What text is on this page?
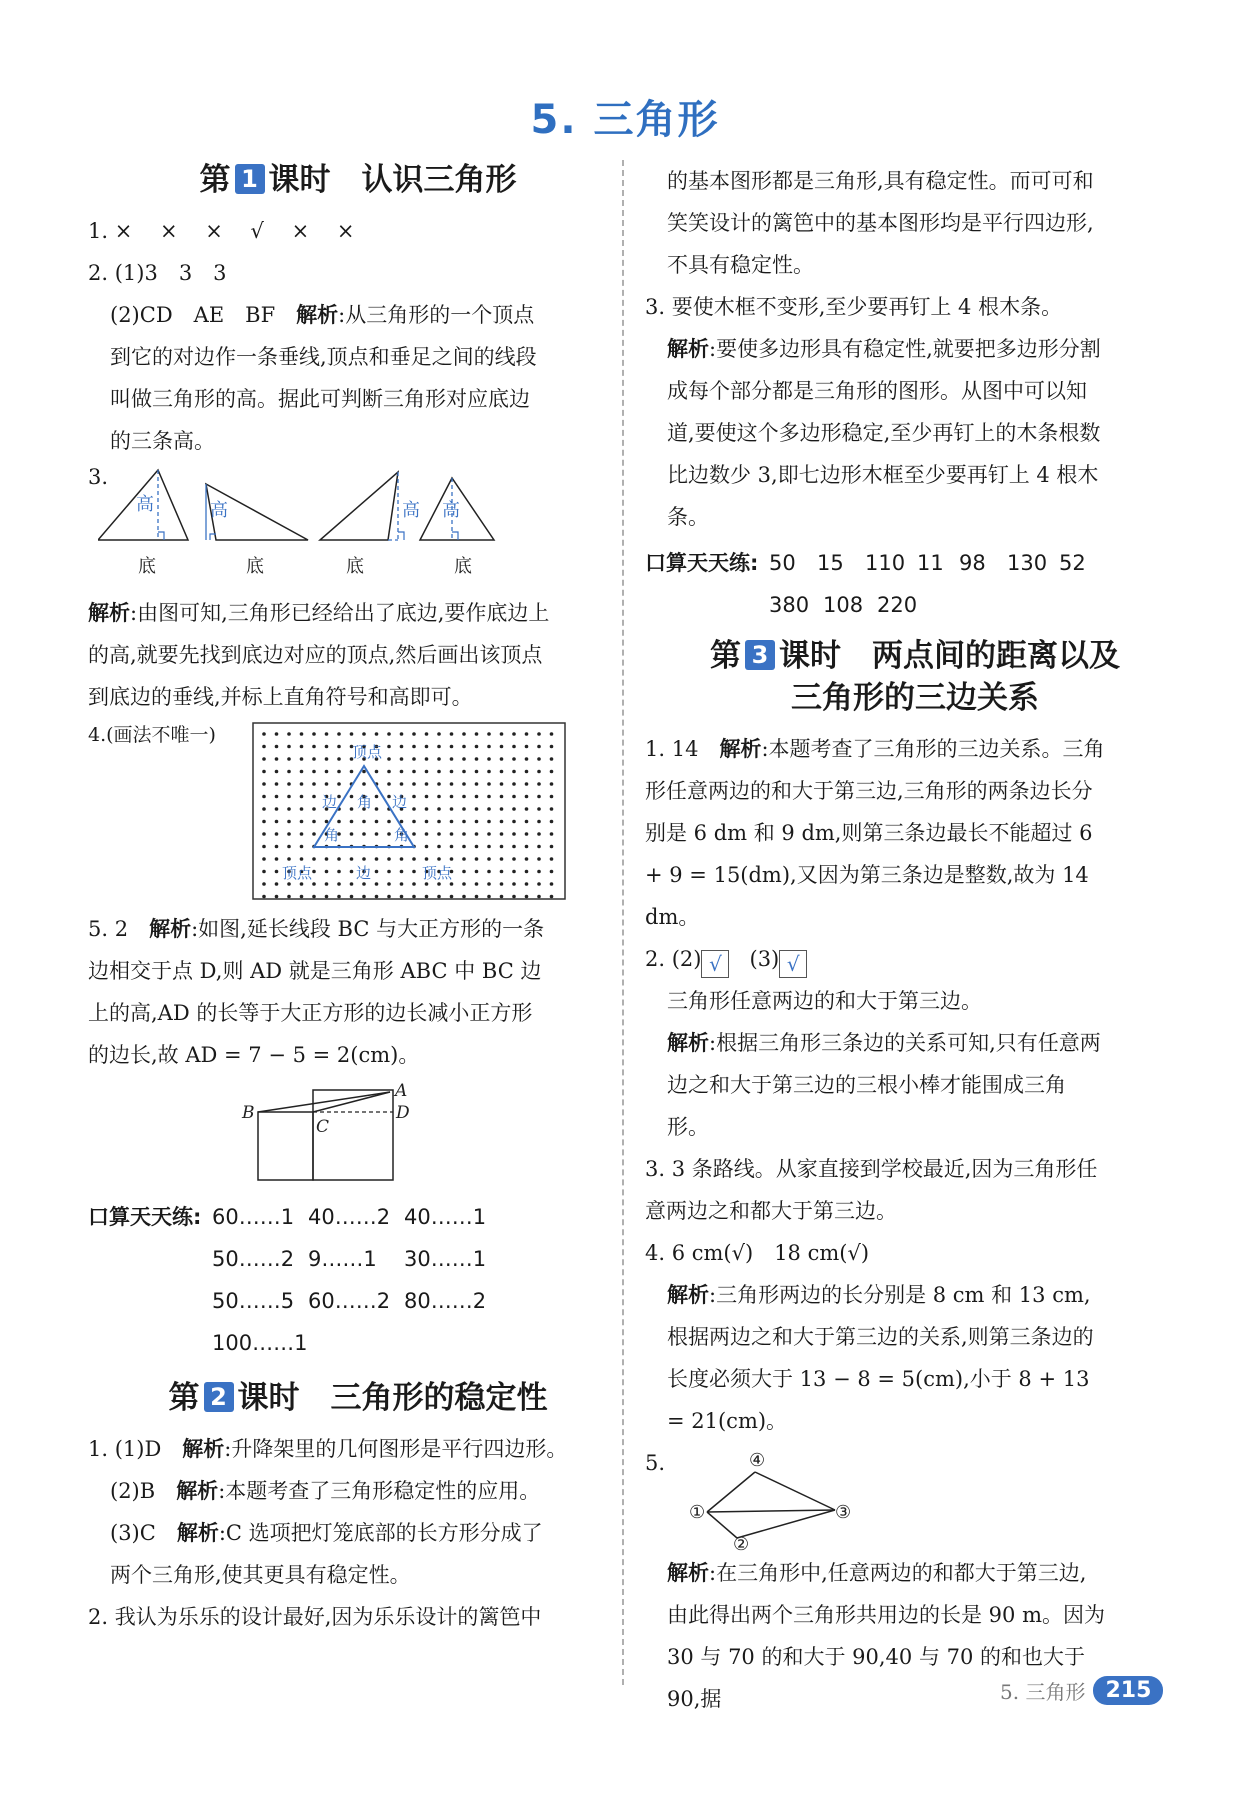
5. 三角形
第 1 课时　认识三角形
1. ×　 ×　 ×　 √　 ×　 ×
2. (1)3　3　3
(2)CD　AE　BF　解析:从三角形的一个顶点到它的对边作一条垂线,顶点和垂足之间的线段叫做三角形的高。据此可判断三角形对应底边的三条高。
3.
高	高	高 高
底	底	底	底
解析:由图可知,三角形已经给出了底边,要作底边上的高,就要先找到底边对应的顶点,然后画出该顶点到底边的垂线,并标上直角符号和高即可。
4.(画法不唯一)
顶点
边	边
角
角	角
顶点	边	顶点
5. 2　解析:如图,延长线段 BC 与大正方形的一条边相交于点 D,则 AD 就是三角形 ABC 中 BC 边上的高,AD 的长等于大正方形的边长减小正方形的边长,故 AD = 7 − 5 = 2(cm)。
A
B
C
D
口算天天练: 60……1 40……2 40……1
50……2 9……1	30……1
50……5 60……2 80……2
100……1
第 2 课时　三角形的稳定性
1. (1)D　解析:升降架里的几何图形是平行四边形。
(2)B　解析:本题考查了三角形稳定性的应用。
(3)C　解析:C 选项把灯笼底部的长方形分成了两个三角形,使其更具有稳定性。
2. 我认为乐乐的设计最好,因为乐乐设计的篱笆中
的基本图形都是三角形,具有稳定性。而可可和笑笑设计的篱笆中的基本图形均是平行四边形,不具有稳定性。
3. 要使木框不变形,至少要再钉上 4 根木条。
解析:要使多边形具有稳定性,就要把多边形分割成每个部分都是三角形的图形。从图中可以知道,要使这个多边形稳定,至少再钉上的木条根数比边数少 3,即七边形木框至少要再钉上 4 根木条。
口算天天练: 50	15	110 11 98	130 52
380 108 220
第 3 课时　两点间的距离以及
三角形的三边关系
1. 14　解析:本题考查了三角形的三边关系。三角形任意两边的和大于第三边,三角形的两条边长分别是 6 dm 和 9 dm,则第三条边最长不能超过 6 + 9 = 15(dm),又因为第三条边是整数,故为 14 dm。
2. (2) √ (3) √
三角形任意两边的和大于第三边。
解析:根据三角形三条边的关系可知,只有任意两边之和大于第三边的三根小棒才能围成三角形。
3. 3 条路线。从家直接到学校最近,因为三角形任意两边之和都大于第三边。
4. 6 cm(√)　18 cm(√)
解析:三角形两边的长分别是 8 cm 和 13 cm,根据两边之和大于第三边的关系,则第三条边的长度必须大于 13 − 8 = 5(cm),小于 8 + 13 = 21(cm)。
5.
①
②
③
④
解析:在三角形中,任意两边的和都大于第三边,由此得出两个三角形共用边的长是 90 m。因为 30 与 70 的和大于 90,40 与 70 的和也大于 90,据	5. 三角形 215
